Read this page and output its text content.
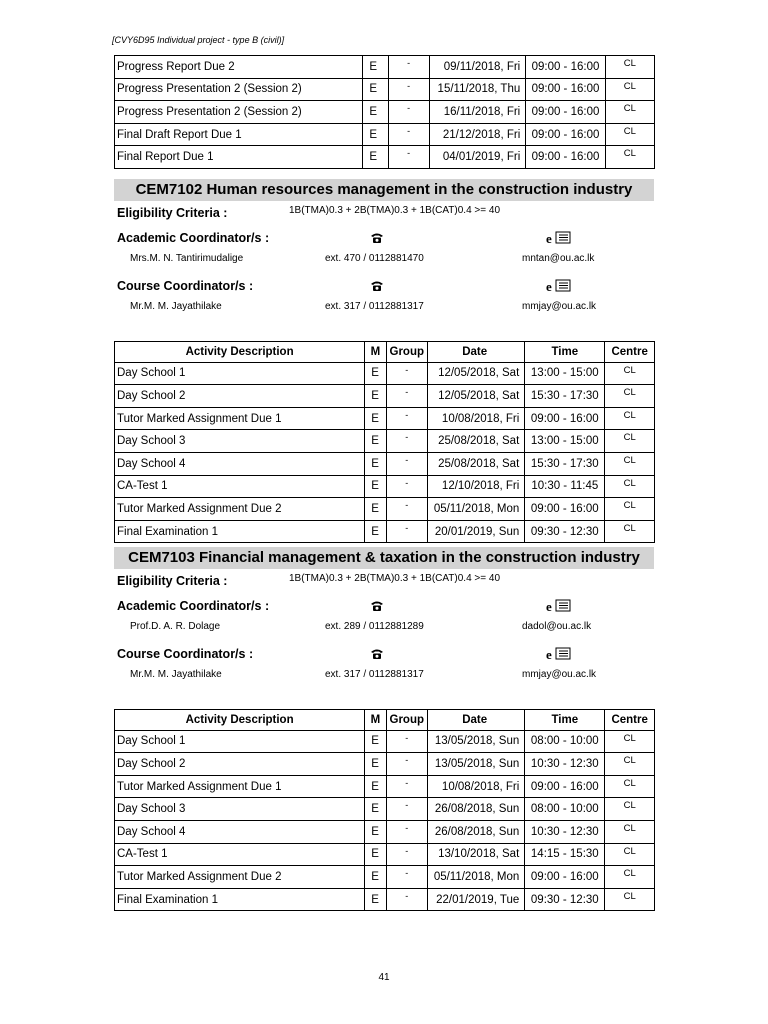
[CVY6D95 Individual project - type B (civil)]
Progress Report Due 2	E	-	09/11/2018, Fri	09:00 - 16:00	CL
Progress Presentation 2 (Session 2)	E	-	15/11/2018, Thu	09:00 - 16:00	CL
Progress Presentation 2 (Session 2)	E	-	16/11/2018, Fri	09:00 - 16:00	CL
Final Draft Report Due 1	E	-	21/12/2018, Fri	09:00 - 16:00	CL
Final Report Due 1	E	-	04/01/2019, Fri	09:00 - 16:00	CL
CEM7102 Human resources management in the construction industry
Eligibility Criteria :	1B(TMA)0.3 + 2B(TMA)0.3 + 1B(CAT)0.4 >= 40
Academic Coordinator/s :	e
Mrs.M. N. Tantirimudalige	ext. 470 / 0112881470	mntan@ou.ac.lk
Course Coordinator/s :	e
Mr.M. M. Jayathilake	ext. 317 / 0112881317	mmjay@ou.ac.lk
Activity Description	M	Group	Date	Time	Centre
Day School 1	E	-	12/05/2018, Sat	13:00 - 15:00	CL
Day School 2	E	-	12/05/2018, Sat	15:30 - 17:30	CL
Tutor Marked Assignment Due 1	E	-	10/08/2018, Fri	09:00 - 16:00	CL
Day School 3	E	-	25/08/2018, Sat	13:00 - 15:00	CL
Day School 4	E	-	25/08/2018, Sat	15:30 - 17:30	CL
CA-Test 1	E	-	12/10/2018, Fri	10:30 - 11:45	CL
Tutor Marked Assignment Due 2	E	-	05/11/2018, Mon	09:00 - 16:00	CL
Final Examination 1	E	-	20/01/2019, Sun	09:30 - 12:30	CL
CEM7103 Financial management & taxation in the construction industry
Eligibility Criteria :	1B(TMA)0.3 + 2B(TMA)0.3 + 1B(CAT)0.4 >= 40
Academic Coordinator/s :	e
Prof.D. A. R. Dolage	ext. 289 / 0112881289	dadol@ou.ac.lk
Course Coordinator/s :	e
Mr.M. M. Jayathilake	ext. 317 / 0112881317	mmjay@ou.ac.lk
Activity Description	M	Group	Date	Time	Centre
Day School 1	E	-	13/05/2018, Sun	08:00 - 10:00	CL
Day School 2	E	-	13/05/2018, Sun	10:30 - 12:30	CL
Tutor Marked Assignment Due 1	E	-	10/08/2018, Fri	09:00 - 16:00	CL
Day School 3	E	-	26/08/2018, Sun	08:00 - 10:00	CL
Day School 4	E	-	26/08/2018, Sun	10:30 - 12:30	CL
CA-Test 1	E	-	13/10/2018, Sat	14:15 - 15:30	CL
Tutor Marked Assignment Due 2	E	-	05/11/2018, Mon	09:00 - 16:00	CL
Final Examination 1	E	-	22/01/2019, Tue	09:30 - 12:30	CL
41
